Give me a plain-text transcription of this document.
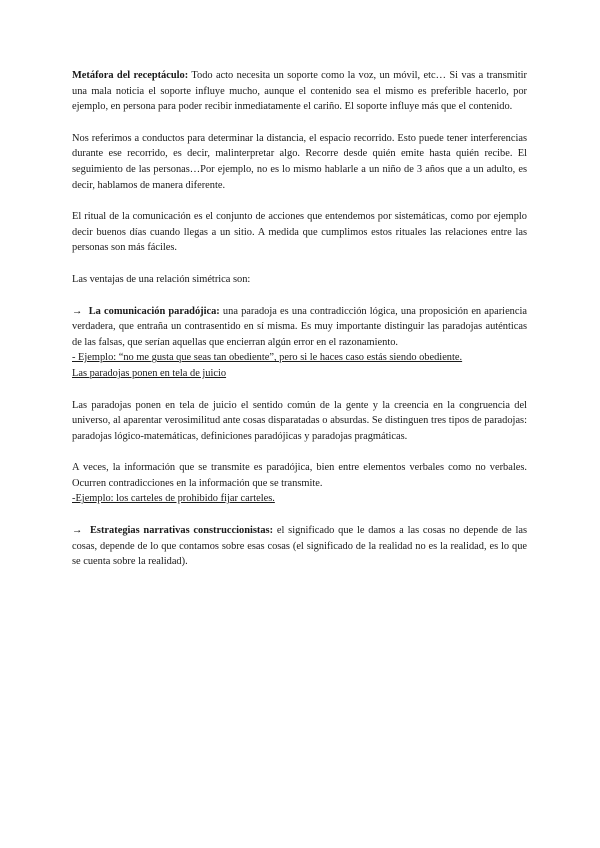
Metáfora del receptáculo: Todo acto necesita un soporte como la voz, un móvil, etc… Si vas a transmitir una mala noticia el soporte influye mucho, aunque el contenido sea el mismo es preferible hacerlo, por ejemplo, en persona para poder recibir inmediatamente el cariño. El soporte influye más que el contenido.

Nos referimos a conductos para determinar la distancia, el espacio recorrido. Esto puede tener interferencias durante ese recorrido, es decir, malinterpretar algo. Recorre desde quién emite hasta quién recibe. El seguimiento de las personas…Por ejemplo, no es lo mismo hablarle a un niño de 3 años que a un adulto, es decir, hablamos de manera diferente.

El ritual de la comunicación es el conjunto de acciones que entendemos por sistemáticas, como por ejemplo decir buenos días cuando llegas a un sitio. A medida que cumplimos estos rituales las relaciones entre las personas son más fáciles.

Las ventajas de una relación simétrica son:

→ La comunicación paradójica: una paradoja es una contradicción lógica, una proposición en apariencia verdadera, que entraña un contrasentido en sí misma. Es muy importante distinguir las paradojas auténticas de las falsas, que serían aquellas que encierran algún error en el razonamiento.

- Ejemplo: “no me gusta que seas tan obediente”, pero si le haces caso estás siendo obediente.
Las paradojas ponen en tela de juicio

Las paradojas ponen en tela de juicio el sentido común de la gente y la creencia en la congruencia del universo, al aparentar verosimilitud ante cosas disparatadas o absurdas. Se distinguen tres tipos de paradojas: paradojas lógico-matemáticas, definiciones paradójicas y paradojas pragmáticas.

A veces, la información que se transmite es paradójica, bien entre elementos verbales como no verbales. Ocurren contradicciones en la información que se transmite.

-Ejemplo: los carteles de prohibido fijar carteles.

→ Estrategias narrativas construccionistas: el significado que le damos a las cosas no depende de las cosas, depende de lo que contamos sobre esas cosas (el significado de la realidad no es la realidad, es lo que se cuenta sobre la realidad).
